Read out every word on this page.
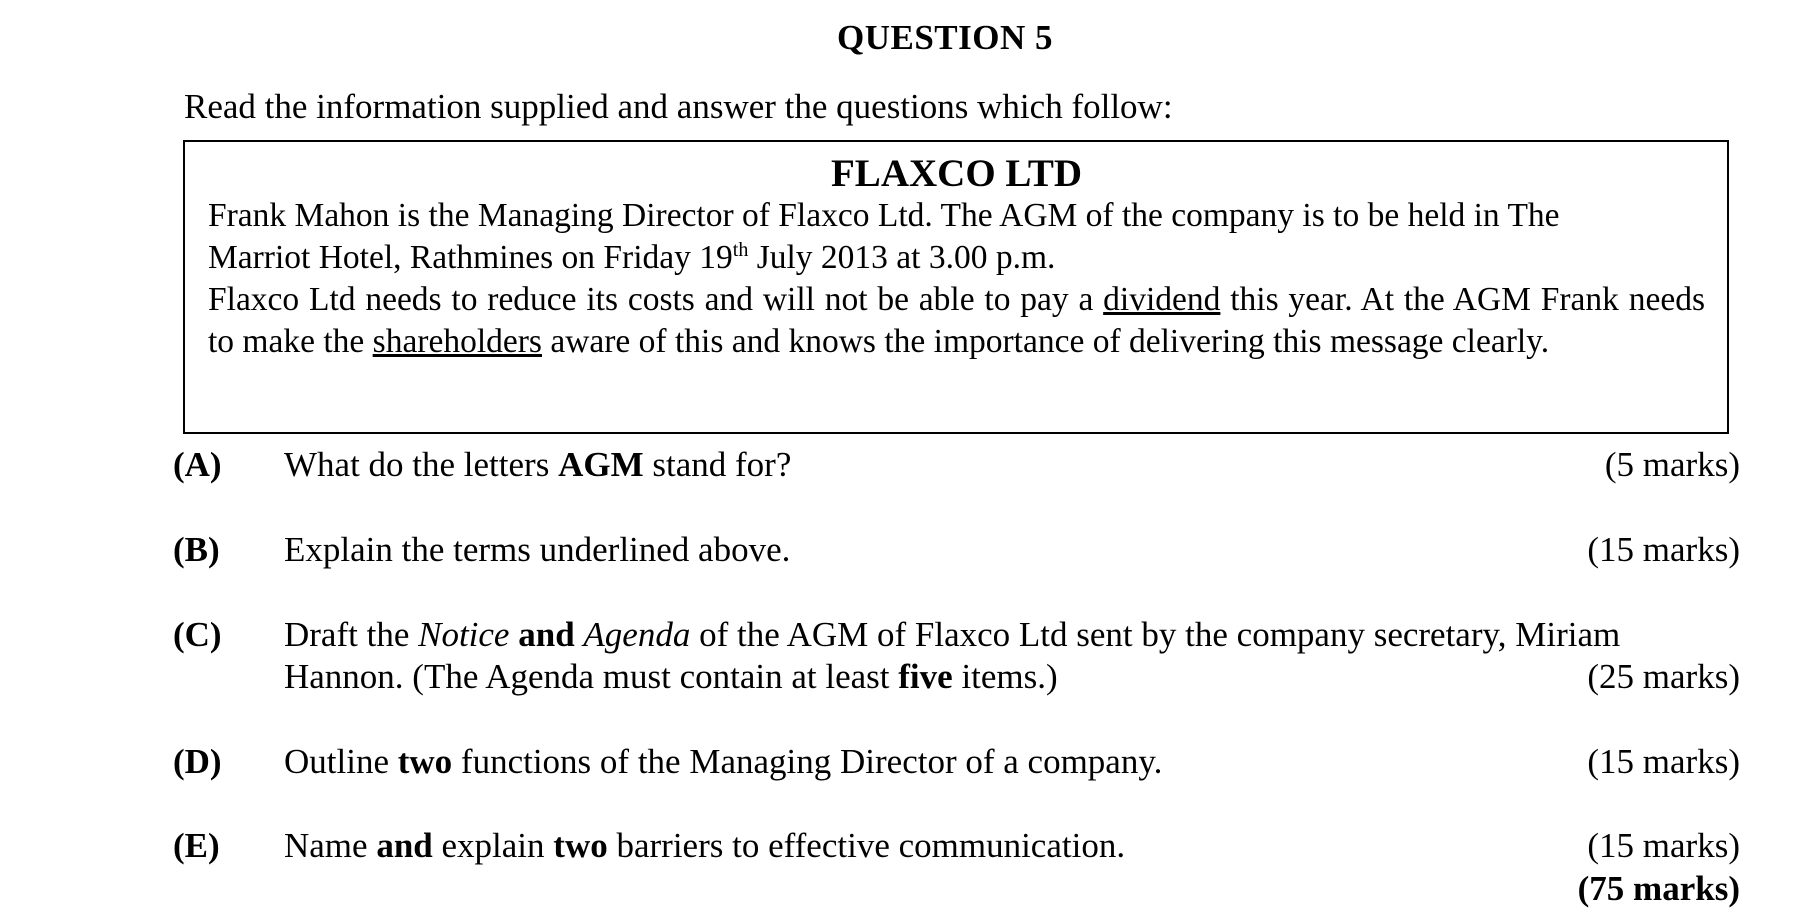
QUESTION 5
Read the information supplied and answer the questions which follow:
FLAXCO LTD

Frank Mahon is the Managing Director of Flaxco Ltd. The AGM of the company is to be held in The
Marriot Hotel, Rathmines on Friday 19th July 2013 at 3.00 p.m.

Flaxco Ltd needs to reduce its costs and will not be able to pay a dividend this year. At the AGM Frank needs to make the shareholders aware of this and knows the importance of delivering this message clearly.

(A) What do the letters AGM stand for?	(5 marks)
(B) Explain the terms underlined above.	(15 marks)
(C) Draft the Notice and Agenda of the AGM of Flaxco Ltd sent by the company secretary, Miriam
Hannon. (The Agenda must contain at least five items.)	(25 marks)
(D) Outline two functions of the Managing Director of a company.	(15 marks)
(E) Name and explain two barriers to effective communication.	(15 marks)
(75 marks)
